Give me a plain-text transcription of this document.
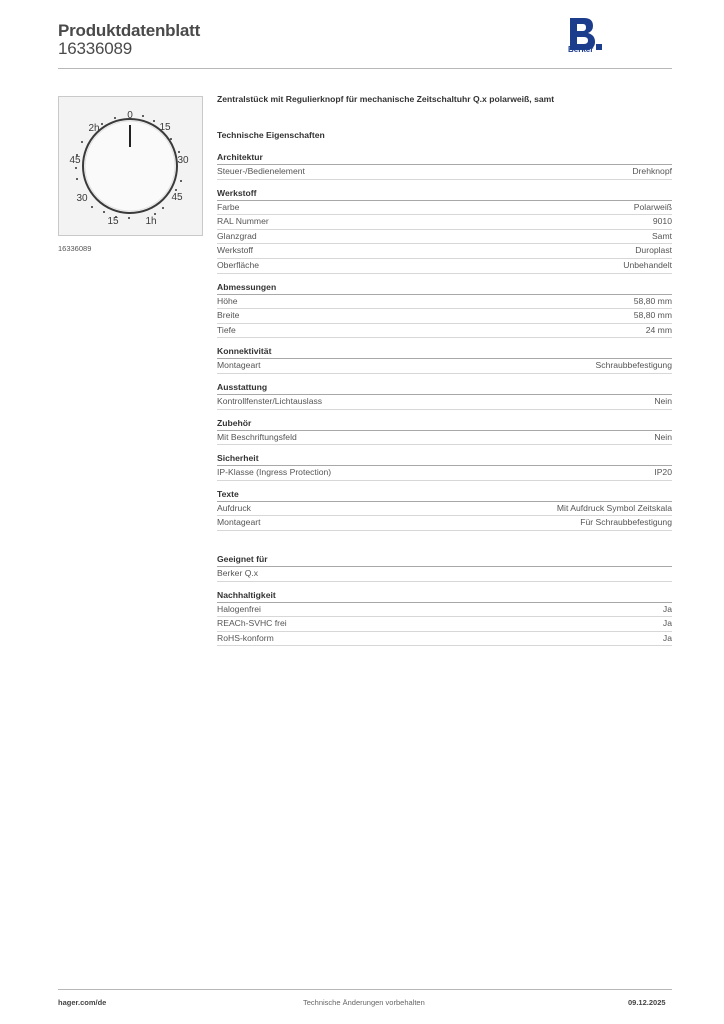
Produktdatenblatt
16336089	Berker
0
15
30
45
1h
15
30
45
2h
16336089
Zentralstück mit Regulierknopf für mechanische Zeitschaltuhr Q.x polarweiß, samt
Technische Eigenschaften
Architektur
Steuer-/Bedienelement	Drehknopf
Werkstoff
Farbe	Polarweiß
RAL Nummer	9010
Glanzgrad	Samt
Werkstoff	Duroplast
Oberfläche	Unbehandelt
Abmessungen
Höhe	58,80 mm
Breite	58,80 mm
Tiefe	24 mm
Konnektivität
Montageart	Schraubbefestigung
Ausstattung
Kontrollfenster/Lichtauslass	Nein
Zubehör
Mit Beschriftungsfeld	Nein
Sicherheit
IP-Klasse (Ingress Protection)	IP20
Texte
Aufdruck	Mit Aufdruck Symbol Zeitskala
Montageart	Für Schraubbefestigung
Geeignet für
Berker Q.x
Nachhaltigkeit
Halogenfrei	Ja
REACh-SVHC frei	Ja
RoHS-konform	Ja
hager.com/de	Technische Änderungen vorbehalten	09.12.2025
